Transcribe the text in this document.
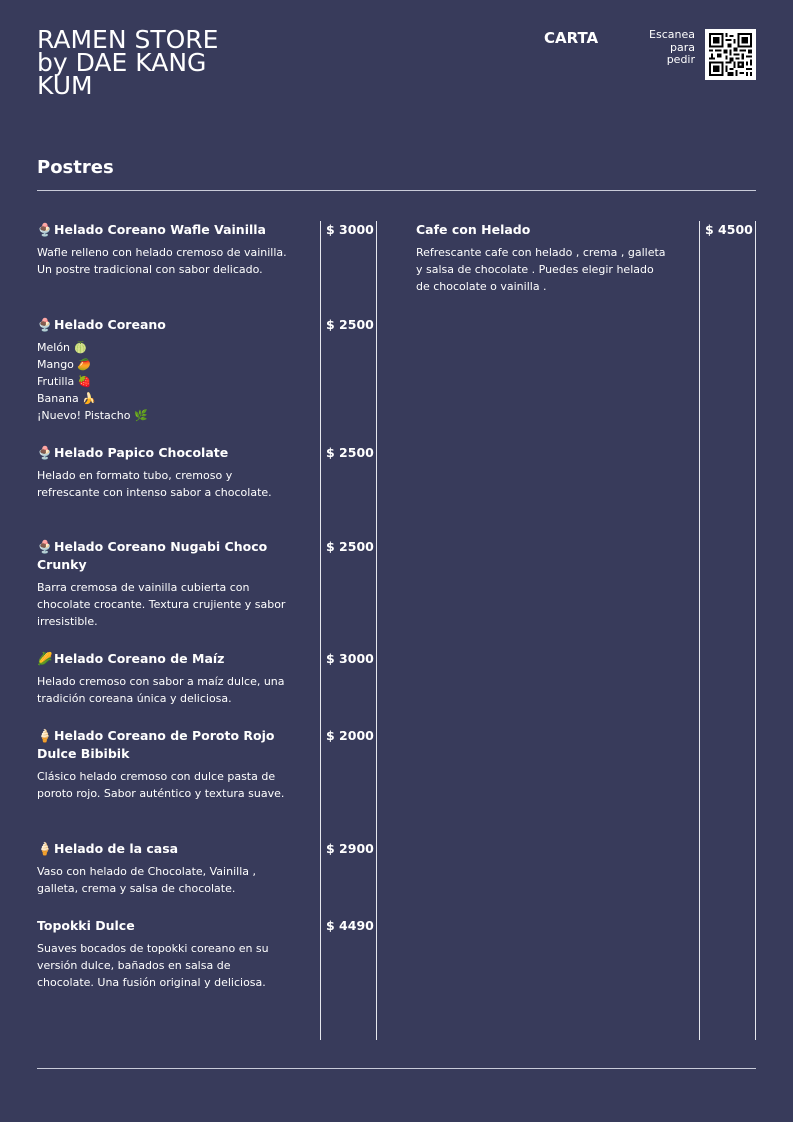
RAMEN STORE
by DAE KANG
KUM
CARTA	Escanea
para
pedir
Postres
🍨Helado Coreano Wafle Vainilla
Wafle relleno con helado cremoso de vainilla. Un postre tradicional con sabor delicado.
$ 3000
🍨Helado Coreano
Melón 🍈
Mango 🥭
Frutilla 🍓
Banana 🍌
¡Nuevo! Pistacho 🌿
$ 2500
🍨Helado Papico Chocolate
Helado en formato tubo, cremoso y refrescante con intenso sabor a chocolate.
$ 2500
🍨Helado Coreano Nugabi Choco Crunky
Barra cremosa de vainilla cubierta con chocolate crocante. Textura crujiente y sabor irresistible.
$ 2500
🌽Helado Coreano de Maíz
Helado cremoso con sabor a maíz dulce, una tradición coreana única y deliciosa.
$ 3000
🍦Helado Coreano de Poroto Rojo Dulce Bibibik
Clásico helado cremoso con dulce pasta de poroto rojo. Sabor auténtico y textura suave.
$ 2000
🍦Helado de la casa
Vaso con helado de Chocolate, Vainilla , galleta, crema y salsa de chocolate.
$ 2900
Topokki Dulce
Suaves bocados de topokki coreano en su versión dulce, bañados en salsa de chocolate. Una fusión original y deliciosa.
$ 4490
Cafe con Helado
Refrescante cafe con helado , crema , galleta y salsa de chocolate . Puedes elegir helado de chocolate o vainilla .
$ 4500
